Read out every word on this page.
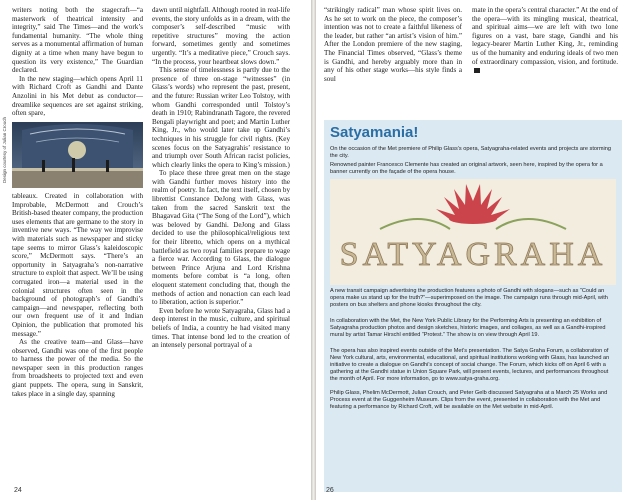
writers noting both the stagecraft—“a masterwork of theatrical intensity and integrity,” said The Times—and the work’s fundamental humanity. “The whole thing serves as a monumental affirmation of human dignity at a time when many have begun to question its very existence,” The Guardian declared.

In the new staging—which opens April 11 with Richard Croft as Gandhi and Dante Anzolini in his Met debut as conductor—dreamlike sequences are set against striking, often spare,

dawn until nightfall. Although rooted in real-life events, the story unfolds as in a dream, with the composer’s self-described “music with repetitive structures” moving the action forward, sometimes gently and sometimes urgently. “It’s a meditative piece,” Crouch says. “In the process, your heartbeat slows down.”

This sense of timelessness is partly due to the presence of three on-stage “witnesses” (in Glass’s words) who represent the past, present, and the future: Russian writer Leo Tolstoy, with whom Gandhi corresponded until Tolstoy’s death in 1910; Rabindranath Tagore, the revered Bengali playwright and poet; and Martin Luther King, Jr., who would later take up Gandhi’s techniques in his struggle for civil rights. (Key scenes focus on the Satyagrahis’ resistance to and triumph over South African racist policies, which clearly links the opera to King’s mission.)

To place these three great men on the stage with Gandhi further moves history into the realm of poetry. In fact, the text itself, chosen by librettist Constance DeJong with Glass, was taken from the sacred Sanskrit text the Bhagavad Gita (“The Song of the Lord”), which was beloved by Gandhi. DeJong and Glass decided to use the philosophical/religious text for their libretto, which opens on a mythical battlefield as two royal families prepare to wage a fierce war. According to Glass, the dialogue between Prince Arjuna and Lord Krishna moments before combat is “a long, often eloquent statement concluding that, though the methods of action and nonaction can each lead to liberation, action is superior.”

Even before he wrote Satyagraha, Glass had a deep interest in the music, culture, and spiritual beliefs of India, a country he had visited many times. That intense bond led to the creation of an intensely personal portrayal of a

Design courtesy of Julian Crouch

tableaux. Created in collaboration with Improbable, McDermott and Crouch’s British-based theater company, the production uses elements that are germane to the story in inventive new ways. “The way we improvise with materials such as newspaper and sticky tape seems to mirror Glass’s kaleidoscopic score,” McDermott says. “There’s an opportunity in Satyagraha’s non-narrative structure to exploit that aspect. We’ll be using corrugated iron—a material used in the colonial structures often seen in the background of photograph’s of Gandhi’s campaign—and newspaper, reflecting both our own frequent use of it and Indian Opinion, the publication that promoted his message.”

As the creative team—and Glass—have observed, Gandhi was one of the first people to harness the power of the media. So the newspaper seen in this production ranges from broadsheets to projected text and even giant puppets. The opera, sung in Sanskrit, takes place in a single day, spanning

24

“strikingly radical” man whose spirit lives on. As he set to work on the piece, the composer’s intention was not to create a faithful likeness of the leader, but rather “an artist’s vision of him.” After the London premiere of the new staging, The Financial Times observed, “Glass’s theme is Gandhi, and hereby arguably more than in any of his other stage works—his style finds a soul

mate in the opera’s central character.” At the end of the opera—with its mingling musical, theatrical, and spiritual aims—we are left with two lone figures on a vast, bare stage, Gandhi and his legacy-bearer Martin Luther King, Jr., reminding us of the humanity and enduring ideals of two men of extraordinary compassion, vision, and fortitude.

Satyamania!
On the occasion of the Met premiere of Philip Glass’s opera, Satyagraha-related events and projects are storming the city.
Renowned painter Francesco Clemente has created an original artwork, seen here, inspired by the opera for a banner currently on the façade of the opera house.
SATYAGRAHA
A new transit campaign advertising the production features a photo of Gandhi with slogans—such as “Could an opera make us stand up for the truth?”—superimposed on the image. The campaign runs through mid-April, with posters on bus shelters and phone kiosks throughout the city.
In collaboration with the Met, the New York Public Library for the Performing Arts is presenting an exhibition of Satyagraha production photos and design sketches, historic images, and collages, as well as a Gandhi-inspired mural by artist Tamar Hirschl entitled “Protest.” The show is on view through April 19.
The opera has also inspired events outside of the Met’s presentation. The Satya Graha Forum, a collaboration of New York cultural, arts, environmental, educational, and spiritual institutions working with Glass, has launched an initiative to create a dialogue on Gandhi’s concept of social change. The Forum, which kicks off on April 6 with a gathering at the Gandhi statue in Union Square Park, will present events, lectures, and performances throughout the month of April. For more information, go to www.satya-graha.org.
Philip Glass, Phelim McDermott, Julian Crouch, and Peter Gelb discussed Satyagraha at a March 25 Works and Process event at the Guggenheim Museum. Clips from the event, presented in collaboration with the Met and featuring a performance by Richard Croft, will be available on the Met website in mid-April.
26
